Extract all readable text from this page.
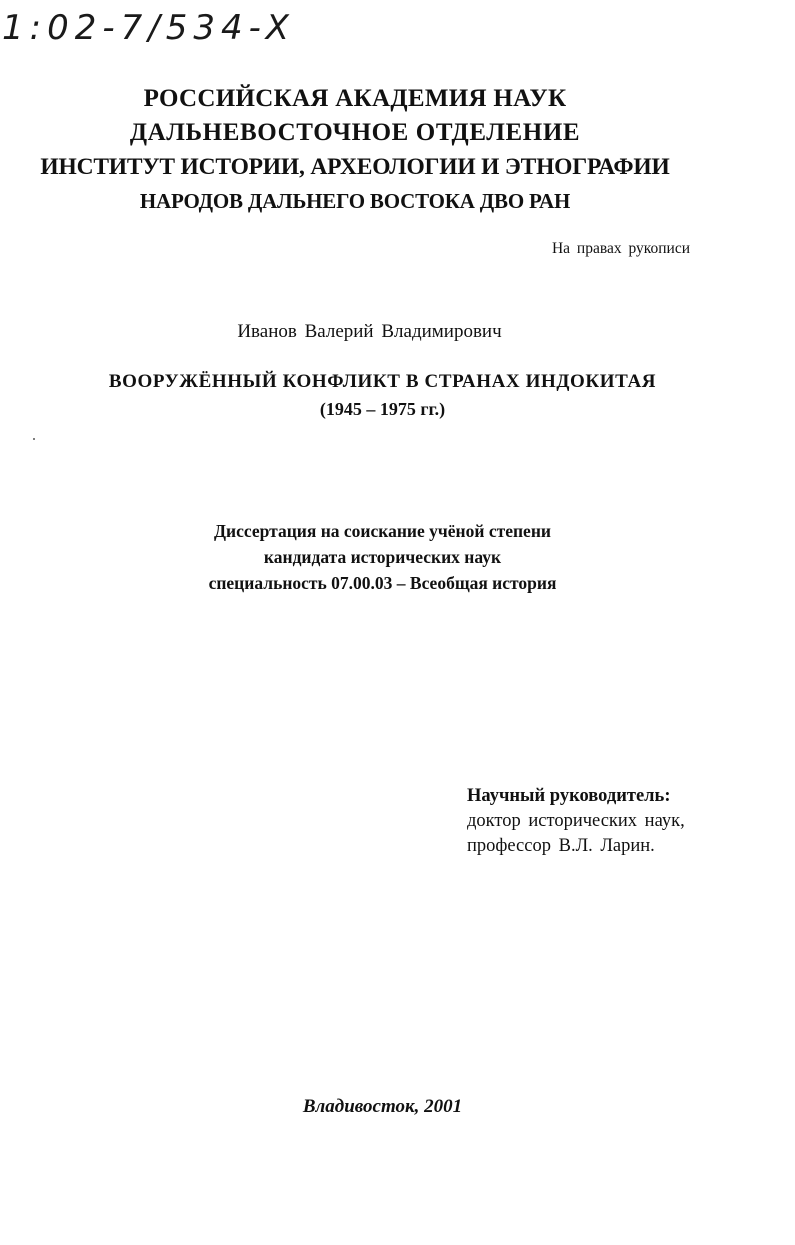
1:02-7/534-X
РОССИЙСКАЯ АКАДЕМИЯ НАУК
ДАЛЬНЕВОСТОЧНОЕ ОТДЕЛЕНИЕ
ИНСТИТУТ ИСТОРИИ, АРХЕОЛОГИИ И ЭТНОГРАФИИ
НАРОДОВ ДАЛЬНЕГО ВОСТОКА ДВО РАН
На правах рукописи
Иванов Валерий Владимирович
ВООРУЖЁННЫЙ КОНФЛИКТ В СТРАНАХ ИНДОКИТАЯ
(1945 – 1975 гг.)
Диссертация на соискание учёной степени
кандидата исторических наук
специальность 07.00.03 – Всеобщая история
Научный руководитель:
доктор исторических наук,
профессор В.Л. Ларин.
Владивосток, 2001
